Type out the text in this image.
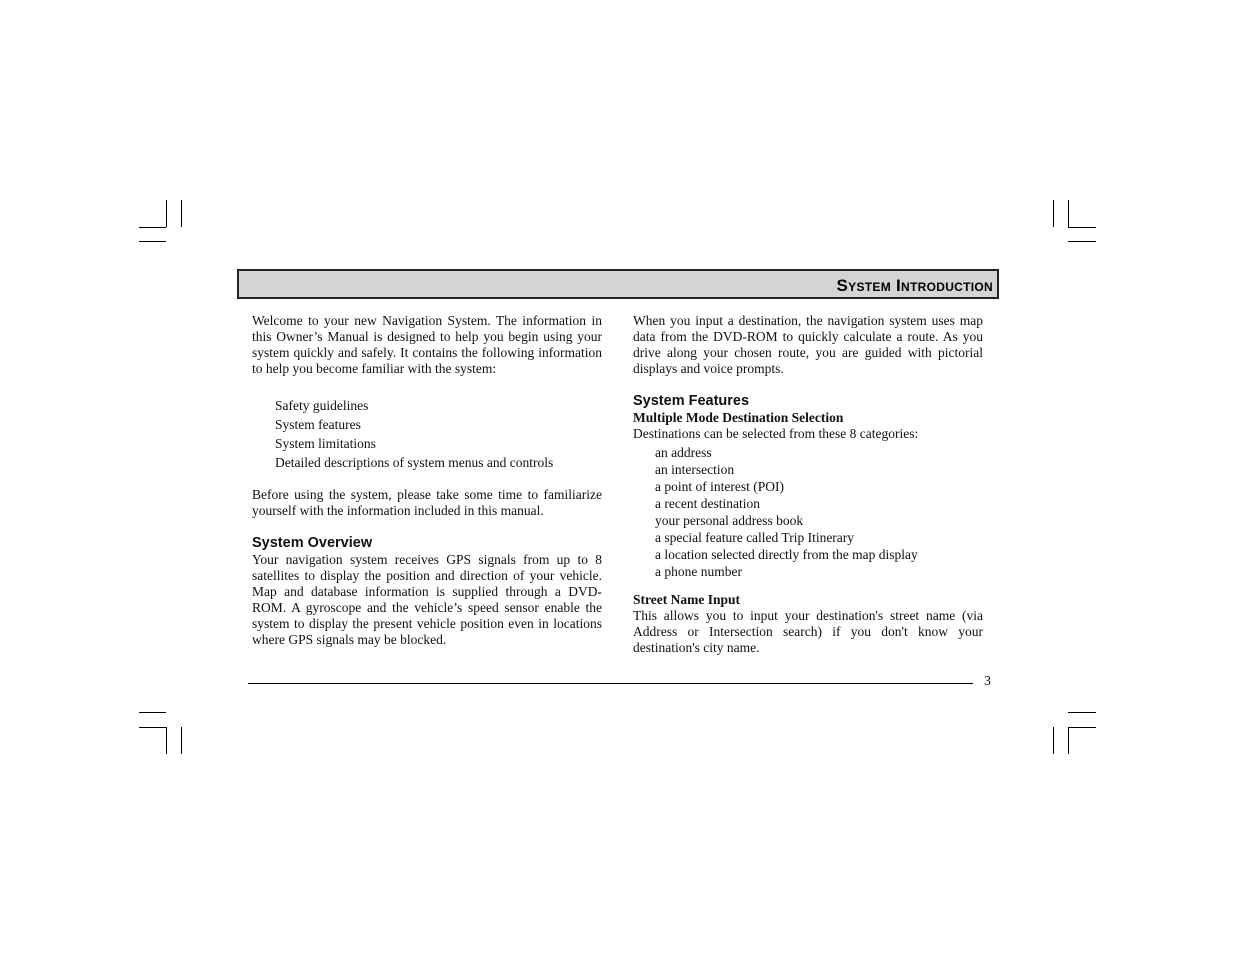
System Introduction

Welcome to your new Navigation System. The information in this Owner’s Manual is designed to help you begin using your system quickly and safely. It contains the following information to help you become familiar with the system:

Safety guidelines
System features
System limitations
Detailed descriptions of system menus and controls

Before using the system, please take some time to familiarize yourself with the information included in this manual.

System Overview

Your navigation system receives GPS signals from up to 8 satellites to display the position and direction of your vehicle. Map and database information is supplied through a DVD-ROM. A gyroscope and the vehicle’s speed sensor enable the system to display the present vehicle position even in locations where GPS signals may be blocked.

When you input a destination, the navigation system uses map data from the DVD-ROM to quickly calculate a route. As you drive along your chosen route, you are guided with pictorial displays and voice prompts.

System Features
Multiple Mode Destination Selection

Destinations can be selected from these 8 categories:

an address
an intersection
a point of interest (POI)
a recent destination
your personal address book
a special feature called Trip Itinerary
a location selected directly from the map display
a phone number
Street Name Input

This allows you to input your destination's street name (via Address or Intersection search) if you don't know your destination's city name.

3
